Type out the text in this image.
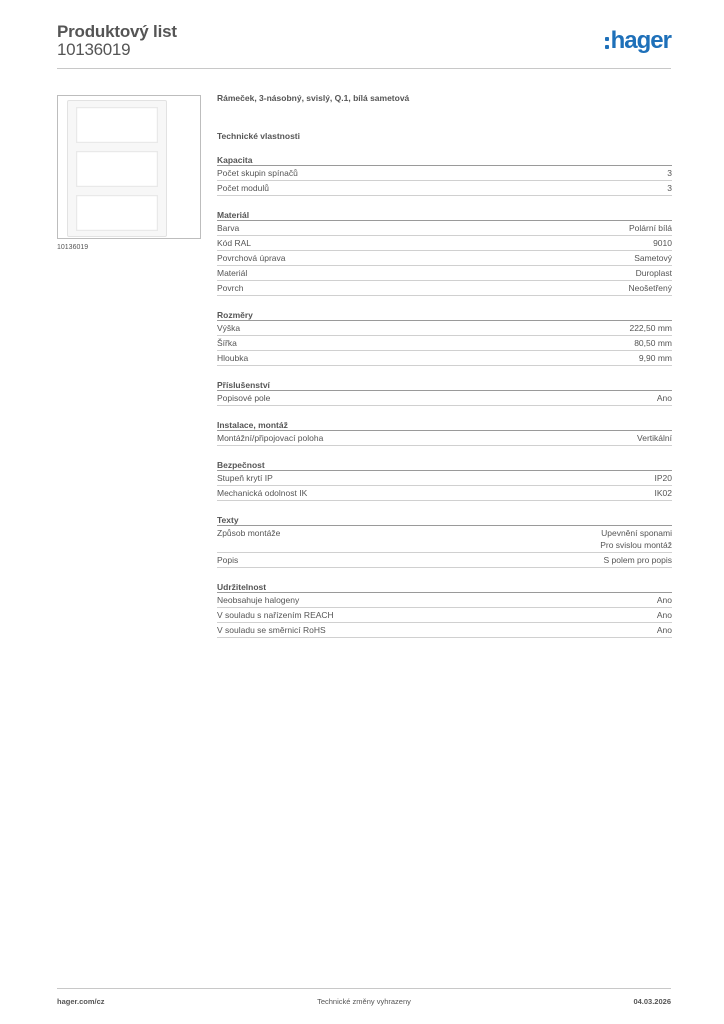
Produktový list
10136019	hager
10136019
Rámeček, 3-násobný, svislý, Q.1, bílá sametová
Technické vlastnosti
Kapacita
Počet skupin spínačů	3
Počet modulů	3
Materiál
Barva	Polární bílá
Kód RAL	9010
Povrchová úprava	Sametový
Materiál	Duroplast
Povrch	Neošetřený
Rozměry
Výška	222,50 mm
Šířka	80,50 mm
Hloubka	9,90 mm
Příslušenství
Popisové pole	Ano
Instalace, montáž
Montážní/připojovací poloha	Vertikální
Bezpečnost
Stupeň krytí IP	IP20
Mechanická odolnost IK	IK02
Texty
Způsob montáže	Upevnění sponami
Pro svislou montáž
Popis	S polem pro popis
Udržitelnost
Neobsahuje halogeny	Ano
V souladu s nařízením REACH	Ano
V souladu se směrnicí RoHS	Ano
hager.com/cz	Technické změny vyhrazeny	04.03.2026
